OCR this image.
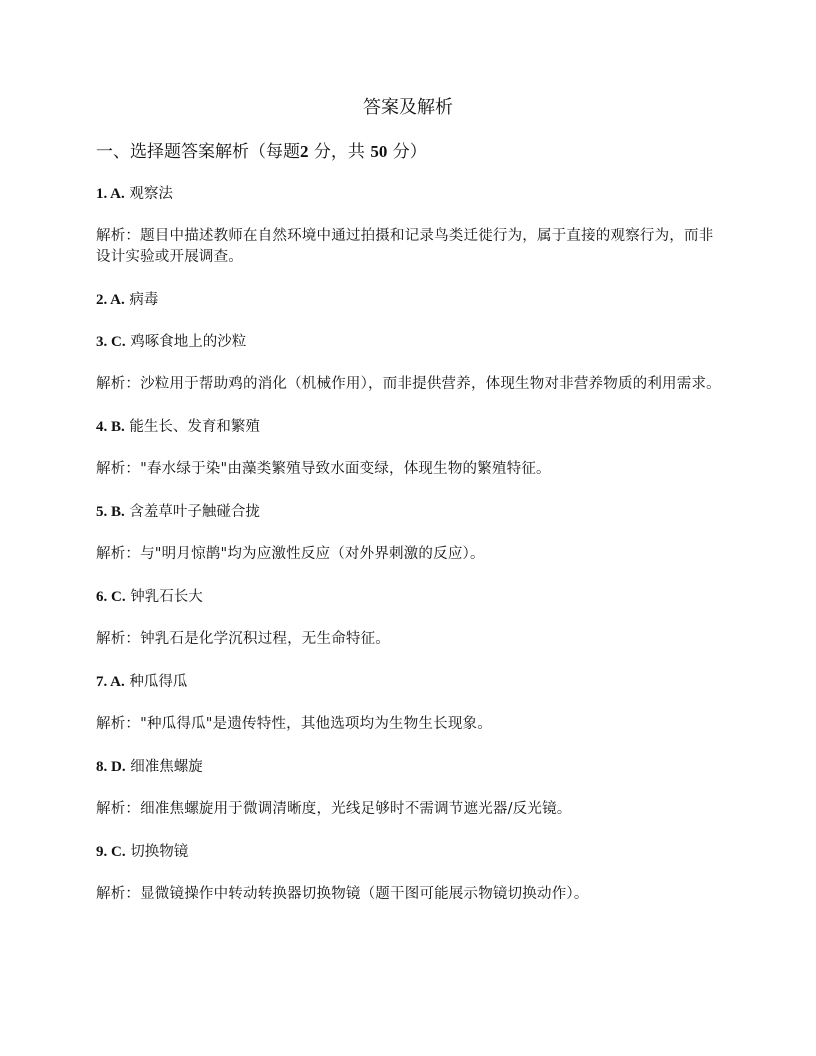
答案及解析
一、选择题答案解析（每题2 分，共 50 分）
1. A. 观察法
解析：题目中描述教师在自然环境中通过拍摄和记录鸟类迁徙行为，属于直接的观察行为，而非设计实验或开展调查。
2. A. 病毒
3. C. 鸡啄食地上的沙粒
解析：沙粒用于帮助鸡的消化（机械作用），而非提供营养，体现生物对非营养物质的利用需求。
4. B. 能生长、发育和繁殖
解析："春水绿于染"由藻类繁殖导致水面变绿，体现生物的繁殖特征。
5. B. 含羞草叶子触碰合拢
解析：与"明月惊鹊"均为应激性反应（对外界刺激的反应）。
6. C. 钟乳石长大
解析：钟乳石是化学沉积过程，无生命特征。
7. A. 种瓜得瓜
解析："种瓜得瓜"是遗传特性，其他选项均为生物生长现象。
8. D. 细准焦螺旋
解析：细准焦螺旋用于微调清晰度，光线足够时不需调节遮光器/反光镜。
9. C. 切换物镜
解析：显微镜操作中转动转换器切换物镜（题干图可能展示物镜切换动作）。
